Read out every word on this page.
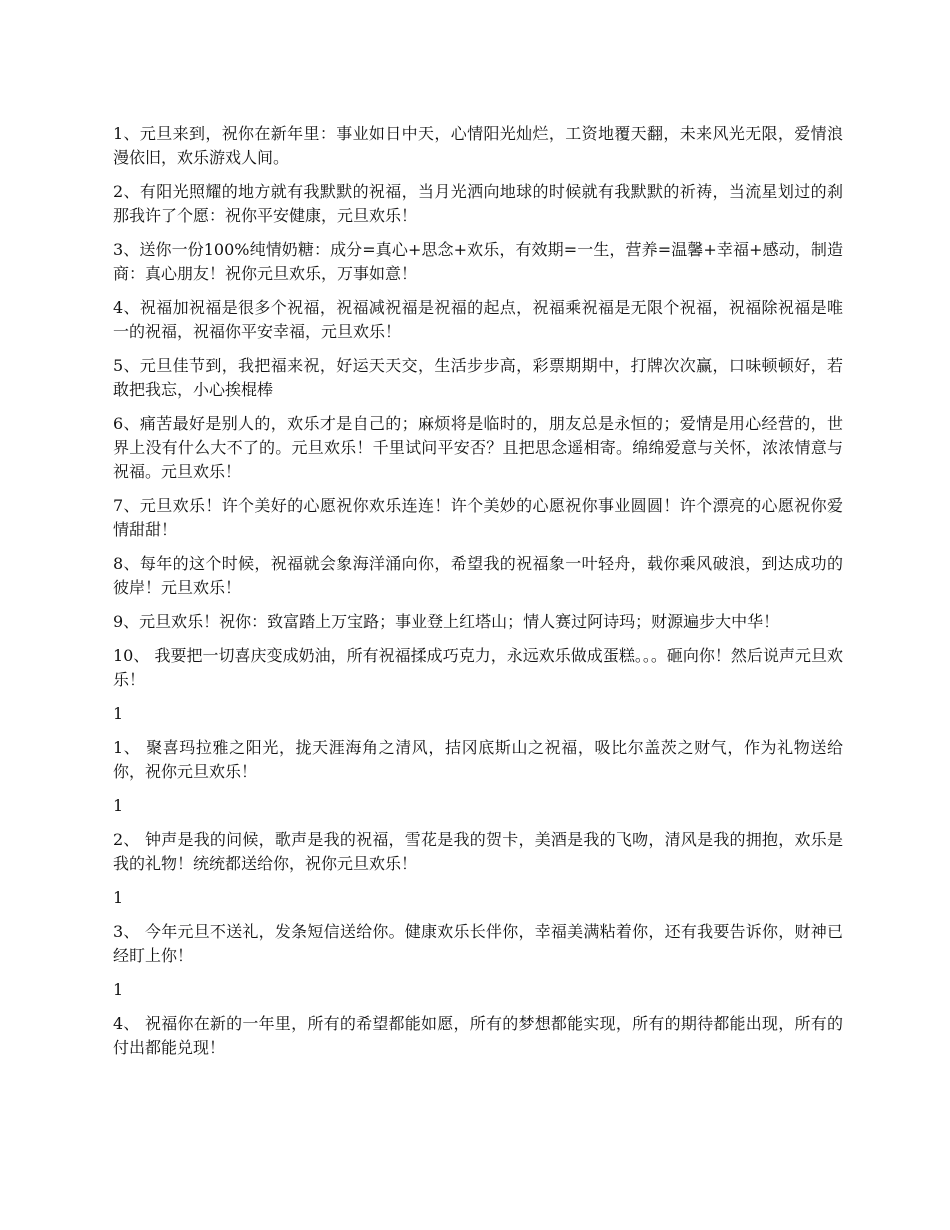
1、元旦来到，祝你在新年里：事业如日中天，心情阳光灿烂，工资地覆天翻，未来风光无限，爱情浪漫依旧，欢乐游戏人间。

2、有阳光照耀的地方就有我默默的祝福，当月光洒向地球的时候就有我默默的祈祷，当流星划过的刹那我许了个愿：祝你平安健康，元旦欢乐！

3、送你一份100%纯情奶糖：成分=真心+思念+欢乐，有效期=一生，营养=温馨+幸福+感动，制造商：真心朋友！祝你元旦欢乐，万事如意！

4、祝福加祝福是很多个祝福，祝福减祝福是祝福的起点，祝福乘祝福是无限个祝福，祝福除祝福是唯一的祝福，祝福你平安幸福，元旦欢乐！

5、元旦佳节到，我把福来祝，好运天天交，生活步步高，彩票期期中，打牌次次赢，口味顿顿好，若敢把我忘，小心挨棍棒

6、痛苦最好是别人的，欢乐才是自己的；麻烦将是临时的，朋友总是永恒的；爱情是用心经营的，世界上没有什么大不了的。元旦欢乐！千里试问平安否？且把思念遥相寄。绵绵爱意与关怀，浓浓情意与祝福。元旦欢乐！

7、元旦欢乐！许个美好的心愿祝你欢乐连连！许个美妙的心愿祝你事业圆圆！许个漂亮的心愿祝你爱情甜甜！

8、每年的这个时候，祝福就会象海洋涌向你，希望我的祝福象一叶轻舟，载你乘风破浪，到达成功的彼岸！元旦欢乐！

9、元旦欢乐！祝你：致富踏上万宝路；事业登上红塔山；情人赛过阿诗玛；财源遍步大中华！

10、 我要把一切喜庆变成奶油，所有祝福揉成巧克力，永远欢乐做成蛋糕。。。砸向你！然后说声元旦欢乐！

1

1、 聚喜玛拉雅之阳光，拢天涯海角之清风，拮冈底斯山之祝福，吸比尔盖茨之财气，作为礼物送给你，祝你元旦欢乐！

1

2、 钟声是我的问候，歌声是我的祝福，雪花是我的贺卡，美酒是我的飞吻，清风是我的拥抱，欢乐是我的礼物！统统都送给你，祝你元旦欢乐！

1

3、 今年元旦不送礼，发条短信送给你。健康欢乐长伴你，幸福美满粘着你，还有我要告诉你，财神已经盯上你！

1

4、 祝福你在新的一年里，所有的希望都能如愿，所有的梦想都能实现，所有的期待都能出现，所有的付出都能兑现！
